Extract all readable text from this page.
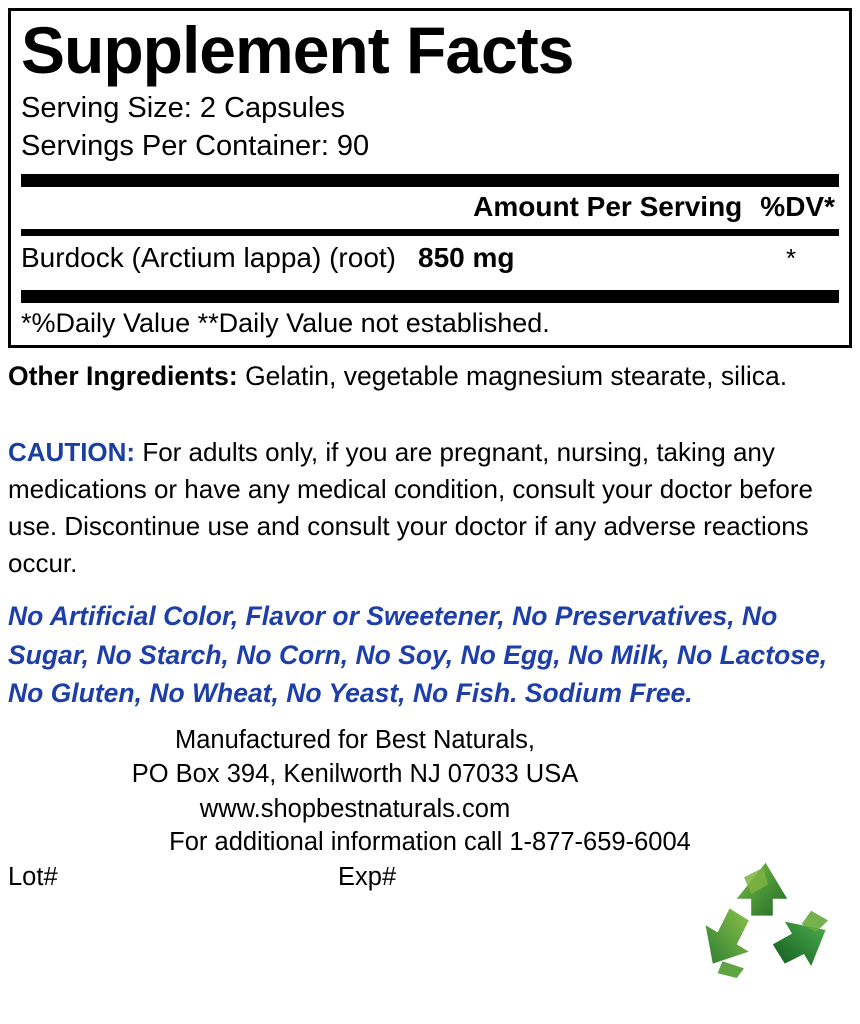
Supplement Facts
Serving Size: 2 Capsules
Servings Per Container: 90
Amount Per Serving %DV*
Burdock (Arctium lappa) (root) 850 mg	*
*%Daily Value **Daily Value not established.
Other Ingredients: Gelatin, vegetable magnesium stearate, silica.
CAUTION: For adults only, if you are pregnant, nursing, taking any medications or have any medical condition, consult your doctor before use. Discontinue use and consult your doctor if any adverse reactions occur.
No Artificial Color, Flavor or Sweetener, No Preservatives, No Sugar, No Starch, No Corn, No Soy, No Egg, No Milk, No Lactose, No Gluten, No Wheat, No Yeast, No Fish. Sodium Free.
Manufactured for Best Naturals,
PO Box 394, Kenilworth NJ 07033 USA
www.shopbestnaturals.com
For additional information call 1-877-659-6004
Lot#	Exp#
